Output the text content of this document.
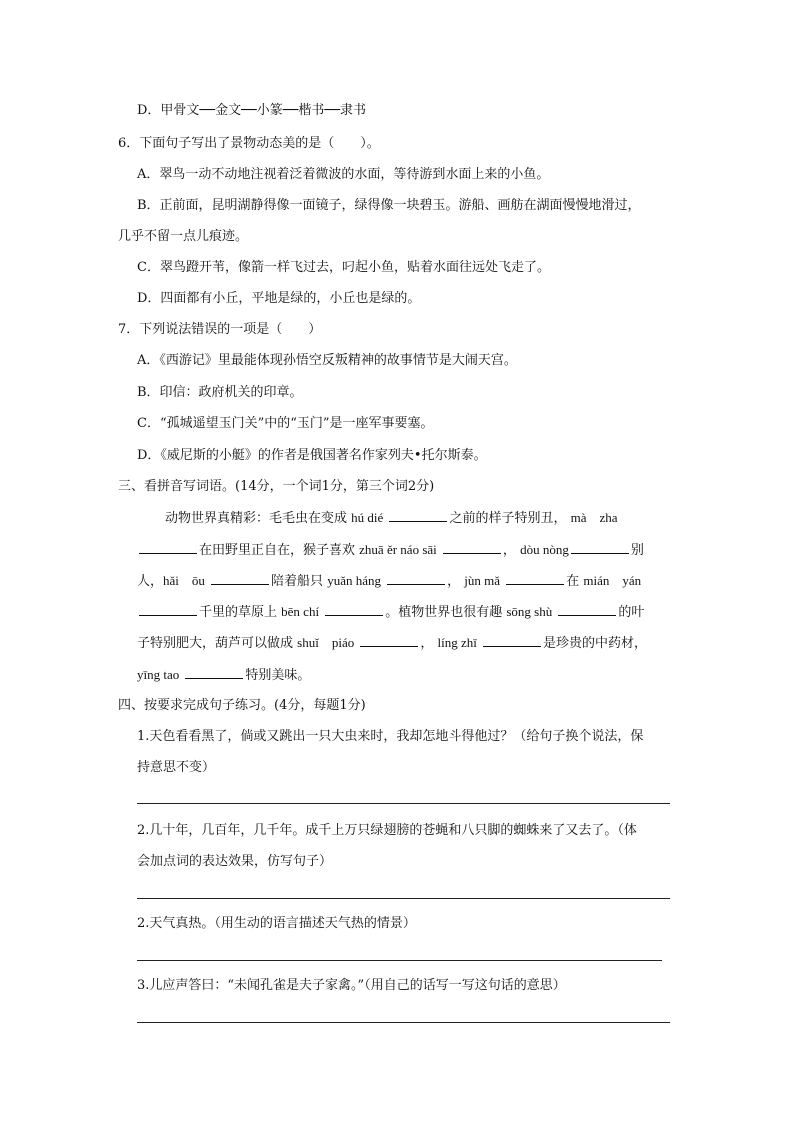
D．甲骨文──金文──小篆──楷书──隶书
6．下面句子写出了景物动态美的是（　　）。
A．翠鸟一动不动地注视着泛着微波的水面，等待游到水面上来的小鱼。
B．正前面，昆明湖静得像一面镜子，绿得像一块碧玉。游船、画舫在湖面慢慢地滑过，
几乎不留一点儿痕迹。
C．翠鸟蹬开苇，像箭一样飞过去，叼起小鱼，贴着水面往远处飞走了。
D．四面都有小丘，平地是绿的，小丘也是绿的。
7．下列说法错误的一项是（　　）
A．《西游记》里最能体现孙悟空反叛精神的故事情节是大闹天宫。
B．印信：政府机关的印章。
C．“孤城遥望玉门关”中的“玉门”是一座军事要塞。
D．《威尼斯的小艇》的作者是俄国著名作家列夫•托尔斯泰。
三、看拼音写词语。(14分，一个词1分，第三个词2分)
动物世界真精彩：毛毛虫在变成 hú dié	之前的样子特别丑， mà　zha
在田野里正自在，猴子喜欢 zhuā ěr náo sāi	， dòu nòng	别
人，hǎi　ōu	陪着船只 yuǎn háng	， jùn mǎ	在 mián　yán
千里的草原上 bēn chí	。植物世界也很有趣 sōng shù	的叶
子特别肥大，葫芦可以做成 shuǐ　piáo	， líng zhī	是珍贵的中药材，
yīng tao	特别美味。
四、按要求完成句子练习。(4分，每题1分)
1.天色看看黑了，倘或又跳出一只大虫来时，我却怎地斗得他过？（给句子换个说法，保
持意思不变）
2.几十年，几百年，几千年。成千上万只绿翅膀的苍蝇和八只脚的蜘蛛来了又去了。（体
会加点词的表达效果，仿写句子）
2.天气真热。（用生动的语言描述天气热的情景）
3.儿应声答曰：“未闻孔雀是夫子家禽。”（用自己的话写一写这句话的意思）
